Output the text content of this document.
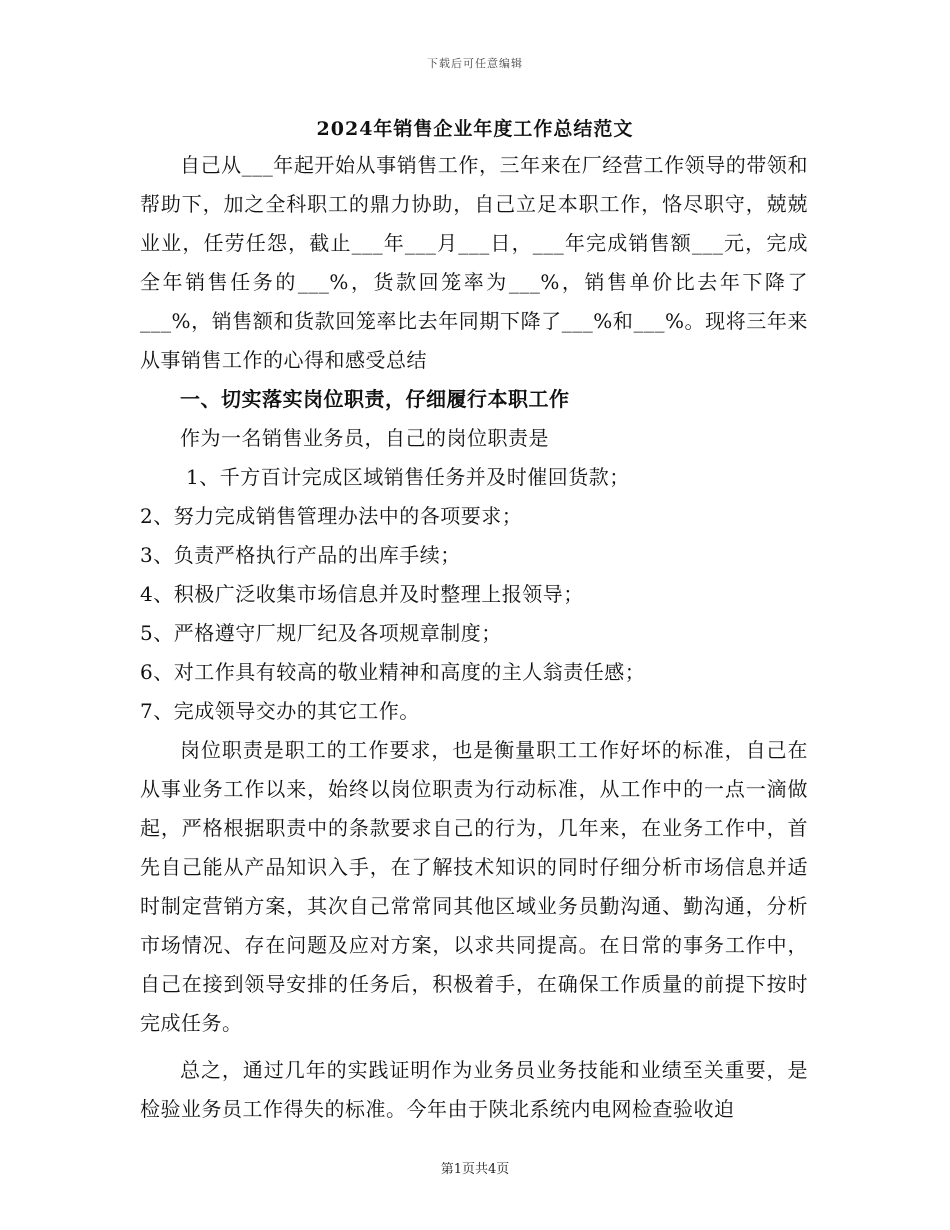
下载后可任意编辑
2024年销售企业年度工作总结范文

自己从___年起开始从事销售工作，三年来在厂经营工作领导的带领和帮助下，加之全科职工的鼎力协助，自己立足本职工作，恪尽职守，兢兢业业，任劳任怨，截止___年___月___日，___年完成销售额___元，完成全年销售任务的___%，货款回笼率为___%，销售单价比去年下降了___%，销售额和货款回笼率比去年同期下降了___%和___%。现将三年来从事销售工作的心得和感受总结

一、切实落实岗位职责，仔细履行本职工作

作为一名销售业务员，自己的岗位职责是

1、千方百计完成区域销售任务并及时催回货款；

2、努力完成销售管理办法中的各项要求；

3、负责严格执行产品的出库手续；

4、积极广泛收集市场信息并及时整理上报领导；

5、严格遵守厂规厂纪及各项规章制度；

6、对工作具有较高的敬业精神和高度的主人翁责任感；

7、完成领导交办的其它工作。

岗位职责是职工的工作要求，也是衡量职工工作好坏的标准，自己在从事业务工作以来，始终以岗位职责为行动标准，从工作中的一点一滴做起，严格根据职责中的条款要求自己的行为，几年来，在业务工作中，首先自己能从产品知识入手，在了解技术知识的同时仔细分析市场信息并适时制定营销方案，其次自己常常同其他区域业务员勤沟通、勤沟通，分析市场情况、存在问题及应对方案，以求共同提高。在日常的事务工作中，自己在接到领导安排的任务后，积极着手，在确保工作质量的前提下按时完成任务。

总之，通过几年的实践证明作为业务员业务技能和业绩至关重要，是检验业务员工作得失的标准。今年由于陕北系统内电网检查验收迫

第1页共4页
